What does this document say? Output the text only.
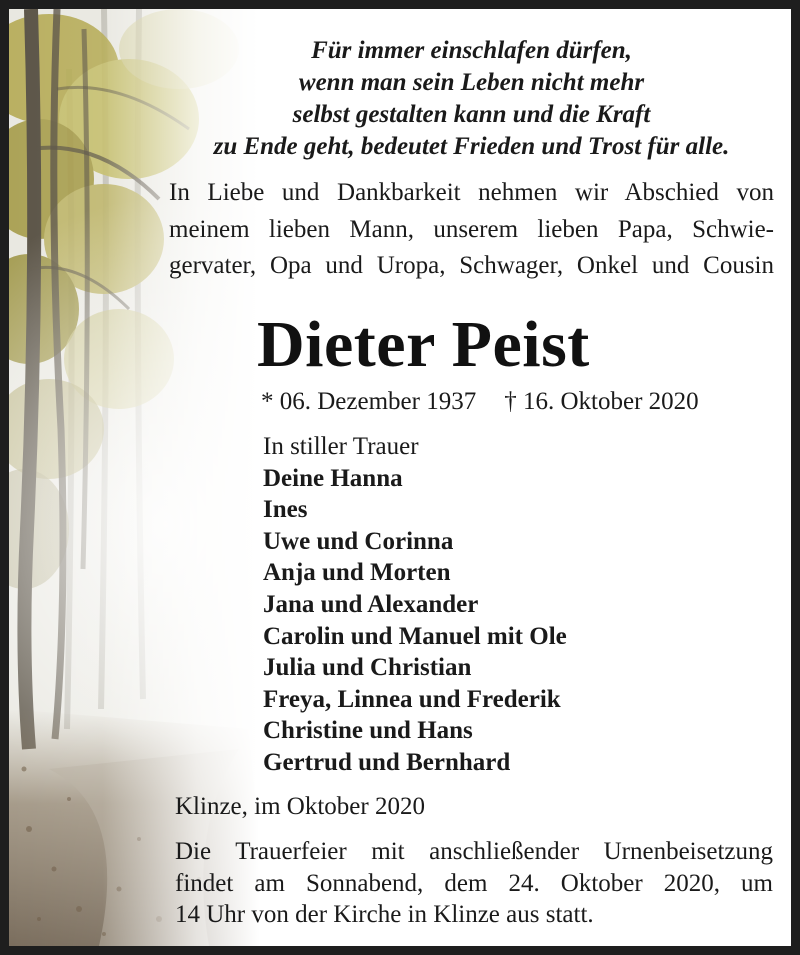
Für immer einschlafen dürfen,
wenn man sein Leben nicht mehr
selbst gestalten kann und die Kraft
zu Ende geht, bedeutet Frieden und Trost für alle.

In Liebe und Dankbarkeit nehmen wir Abschied von
meinem lieben Mann, unserem lieben Papa, Schwie-
gervater, Opa und Uropa, Schwager, Onkel und Cousin

Dieter Peist

* 06. Dezember 1937 † 16. Oktober 2020

In stiller Trauer
Deine Hanna
Ines
Uwe und Corinna
Anja und Morten
Jana und Alexander
Carolin und Manuel mit Ole
Julia und Christian
Freya, Linnea und Frederik
Christine und Hans
Gertrud und Bernhard

Klinze, im Oktober 2020

Die Trauerfeier mit anschließender Urnenbeisetzung
findet am Sonnabend, dem 24. Oktober 2020, um
14 Uhr von der Kirche in Klinze aus statt.
